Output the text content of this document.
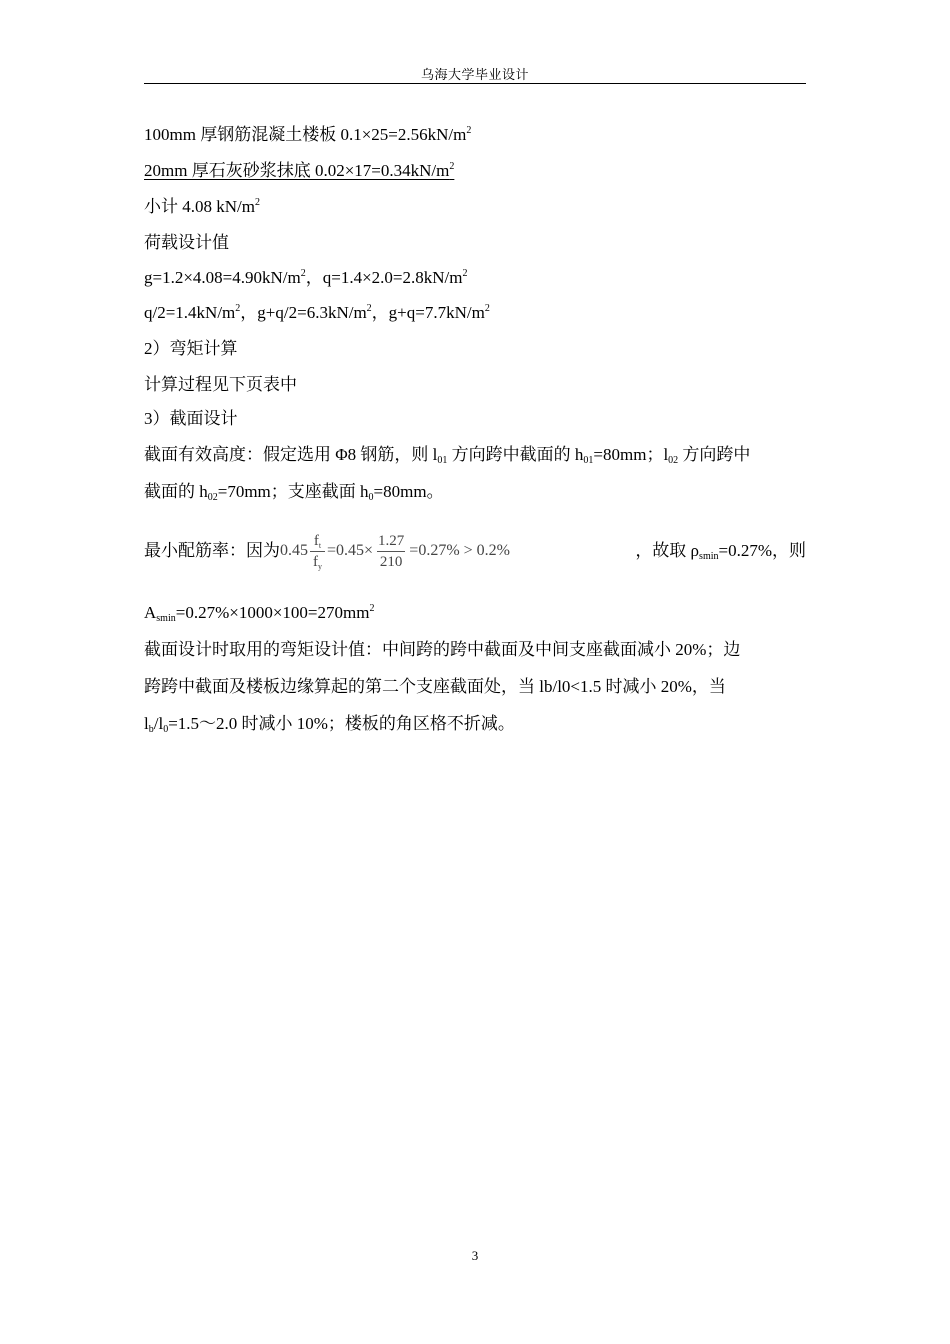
乌海大学毕业设计
100mm 厚钢筋混凝土楼板 $0.1\times 25=2.56kN/m^2$
20mm 厚石灰砂浆抹底 $0.02\times 17=0.34kN/m^2$
小计 4.08 $kN/m^2$
荷载设计值
$g=1.2\times 4.08=4.90kN/m^2$，$q=1.4\times 2.0=2.8kN/m^2$
$q/2=1.4kN/m^2$，$g+q/2=6.3kN/m^2$，$g+q=7.7kN/m^2$
2）弯矩计算
计算过程见下页表中
3）截面设计
截面有效高度：假定选用 Φ8 钢筋，则 $l_{01}$ 方向跨中截面的 $h_{01}=80mm$；$l_{02}$ 方向跨中
截面的 $h_{02}=70mm$；支座截面 $h_0=80mm$。
最小配筋率：因为 $0.45 \frac{f_t}{f_y} =0.45\times \frac{1.27}{210} =0.27\% > 0.2\%$	，故取 $\rho_{smin}=0.27\%$，则
$A_{smin}=0.27\%\times 1000\times 100=270mm^2$
截面设计时取用的弯矩设计值：中间跨的跨中截面及中间支座截面减小 20%；边
跨跨中截面及楼板边缘算起的第二个支座截面处，当 lb/l0<1.5 时减小 20%，当
$l_b/l_0=1.5\sim 2.0$ 时减小 10%；楼板的角区格不折减。
3
